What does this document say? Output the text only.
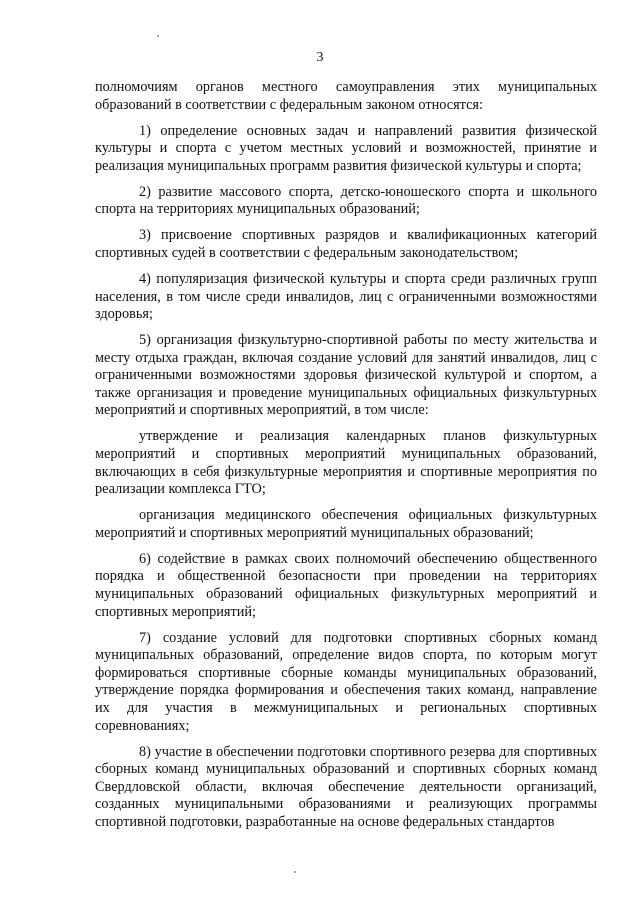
3

полномочиям органов местного самоуправления этих муниципальных образований в соответствии с федеральным законом относятся:

1) определение основных задач и направлений развития физической культуры и спорта с учетом местных условий и возможностей, принятие и реализация муниципальных программ развития физической культуры и спорта;

2) развитие массового спорта, детско-юношеского спорта и школьного спорта на территориях муниципальных образований;

3) присвоение спортивных разрядов и квалификационных категорий спортивных судей в соответствии с федеральным законодательством;

4) популяризация физической культуры и спорта среди различных групп населения, в том числе среди инвалидов, лиц с ограниченными возможностями здоровья;

5) организация физкультурно-спортивной работы по месту жительства и месту отдыха граждан, включая создание условий для занятий инвалидов, лиц с ограниченными возможностями здоровья физической культурой и спортом, а также организация и проведение муниципальных официальных физкультурных мероприятий и спортивных мероприятий, в том числе:

утверждение и реализация календарных планов физкультурных мероприятий и спортивных мероприятий муниципальных образований, включающих в себя физкультурные мероприятия и спортивные мероприятия по реализации комплекса ГТО;

организация медицинского обеспечения официальных физкультурных мероприятий и спортивных мероприятий муниципальных образований;

6) содействие в рамках своих полномочий обеспечению общественного порядка и общественной безопасности при проведении на территориях муниципальных образований официальных физкультурных мероприятий и спортивных мероприятий;

7) создание условий для подготовки спортивных сборных команд муниципальных образований, определение видов спорта, по которым могут формироваться спортивные сборные команды муниципальных образований, утверждение порядка формирования и обеспечения таких команд, направление их для участия в межмуниципальных и региональных спортивных соревнованиях;

8) участие в обеспечении подготовки спортивного резерва для спортивных сборных команд муниципальных образований и спортивных сборных команд Свердловской области, включая обеспечение деятельности организаций, созданных муниципальными образованиями и реализующих программы спортивной подготовки, разработанные на основе федеральных стандартов
